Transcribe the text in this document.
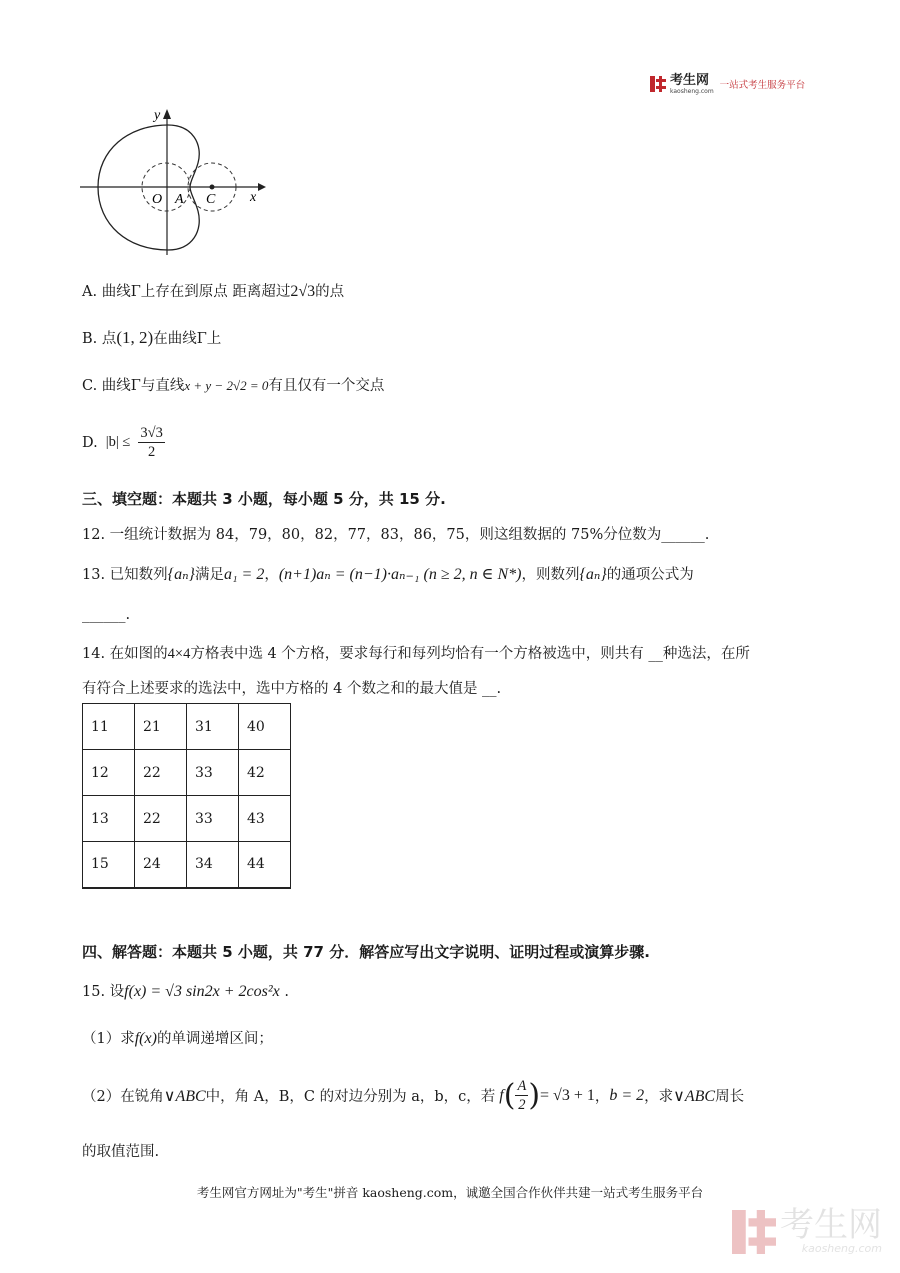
考生网
kaosheng.com
一站式考生服务平台
y
x
O A C
A. 曲线Γ上存在到原点 距离超过2√3的点
B. 点(1, 2)在曲线Γ上
C. 曲线Γ与直线x + y − 2√2 = 0有且仅有一个交点
D. $|b| \le \frac{3√3}{2}$
三、填空题：本题共 3 小题，每小题 5 分，共 15 分.
12. 一组统计数据为 84，79，80，82，77，83，86，75，则这组数据的 75%分位数为______.
13. 已知数列{aₙ}满足a₁ = 2，(n+1)aₙ = (n−1)·aₙ₋₁ (n ≥ 2, n ∈ N*)，则数列{aₙ}的通项公式为
______.
14. 在如图的4×4方格表中选 4 个方格，要求每行和每列均恰有一个方格被选中，则共有 __种选法，在所
有符合上述要求的选法中，选中方格的 4 个数之和的最大值是 __.
11	21	31	40
12	22	33	42
13	22	33	43
15	24	34	44
四、解答题：本题共 5 小题，共 77 分．解答应写出文字说明、证明过程或演算步骤.
15. 设f(x) = √3 sin2x + 2cos²x .
（1）求f(x)的单调递增区间；
（2）在锐角 ∨ABC 中，角 A，B，C 的对边分别为 a，b，c，若 f ( $\frac{A}{2}$ ) = √3 + 1 ， b = 2 ，求 ∨ABC 周长
的取值范围.
考生网官方网址为"考生"拼音 kaosheng.com，诚邀全国合作伙伴共建一站式考生服务平台
考生网
kaosheng.com
